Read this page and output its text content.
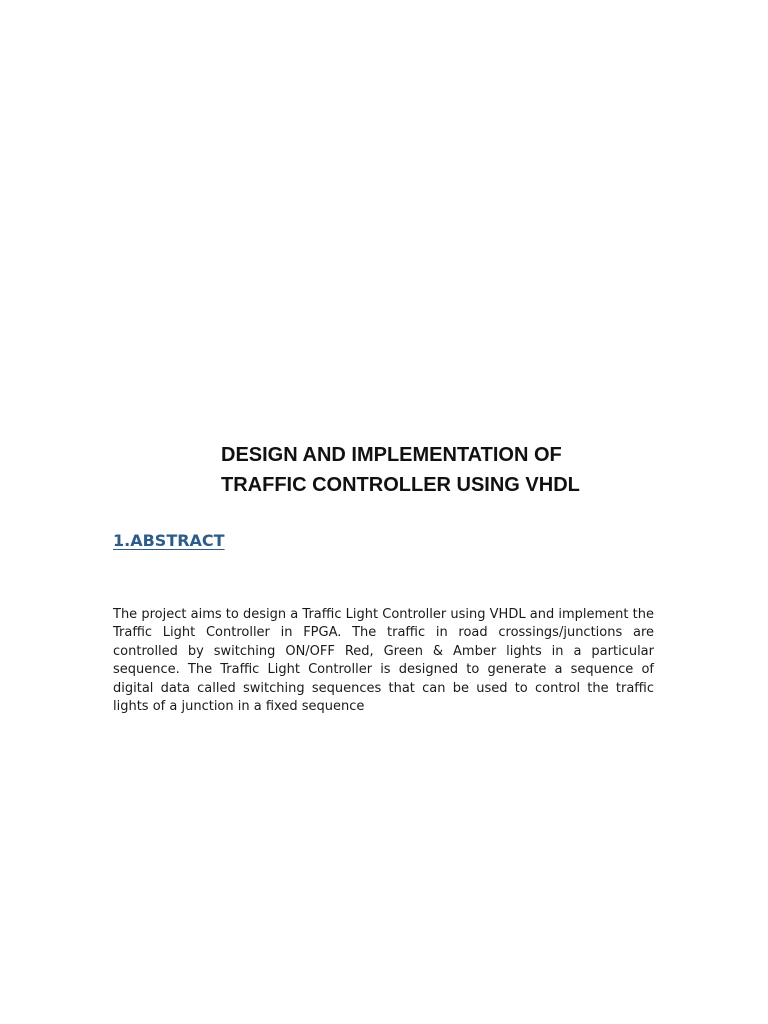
DESIGN AND IMPLEMENTATION OF
TRAFFIC CONTROLLER USING VHDL
1.ABSTRACT

The project aims to design a Traffic Light Controller using VHDL and implement the Traffic Light Controller in FPGA. The traffic in road crossings/junctions are controlled by switching ON/OFF Red, Green & Amber lights in a particular sequence. The Traffic Light Controller is designed to generate a sequence of digital data called switching sequences that can be used to control the traffic lights of a junction in a fixed sequence
